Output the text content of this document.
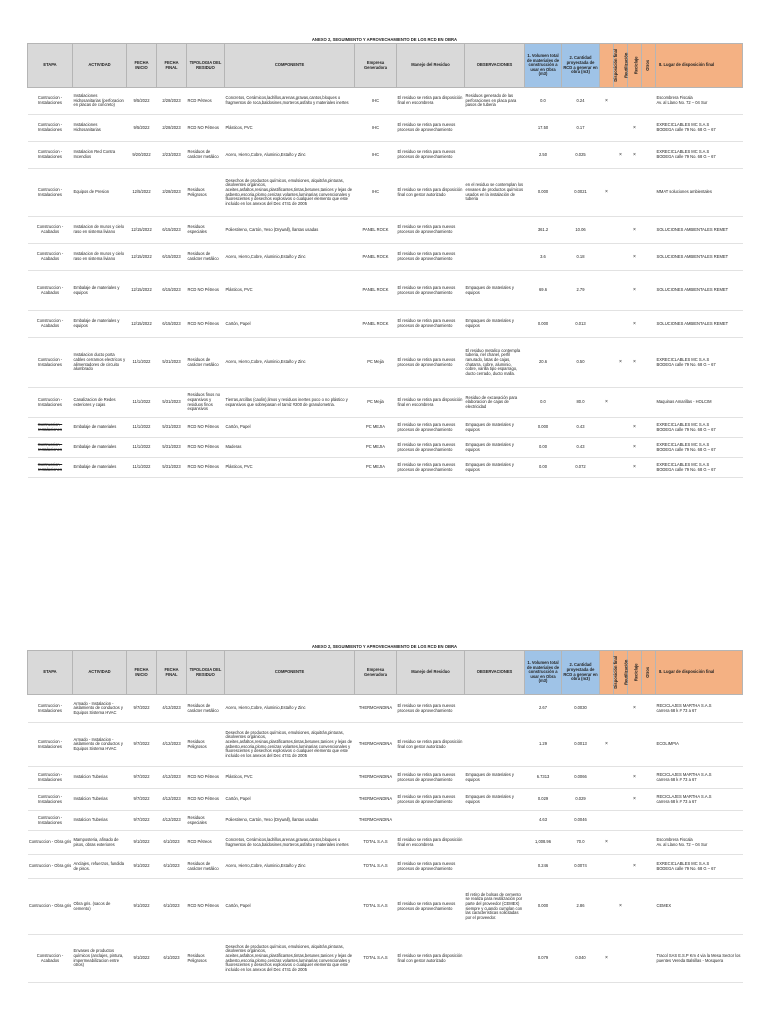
ANEXO 2, SEGUIMIENTO Y APROVECHAMIENTO DE LOS RCD EN OBRA
ETAPA	ACTIVIDAD	FECHA INICIO	FECHA FINAL	TIPOLOGIA DEL RESIDUO	COMPONENTE	Empresa Generadora	Manejo del Residuo	OBSERVACIONES	1. Volumen total de materiales de construcción a usar en Obra (m3)	2. Cantidad proyectada de RCD a generar en obra (m3)	Disposición final	Reutilización	Reciclaje	Otros	8. Lugar de disposición final
Contruccion - Instalaciones	Instalaciones Hidrosanitarias (perforacion en placas de concreto)	9/5/2022	2/28/2023	RCD Pétreos	Concretos, Cerámicos,ladrillos,arenas,gravas,cantos,bloques o fragmentos de roca,baldosines,morteros,asfalto y materiales inertes	IHC	El residuo se retira para disposición final en escombrera	Residuos generado de las perforaciones en placa para pasos de tuberia	0.0	0.24	×				Escombrera Fiscala
Av. al Llano No. 72 – 04 Sur
Contruccion - Instalaciones	Instalaciones Hidrosanitarias	9/5/2022	2/28/2023	RCD NO Pétreos	Plásticos, PVC	IHC	El residuo se retira para nuevos procesos de aprovechamiento		17.50	0.17			×		EXRECICLABLES MC S.A.S
BODEGA calle 79 No. 68 G – 67
Contruccion - Instalaciones	Instalacion Red Contra Incendios	9/20/2022	2/23/2023	Residuos de carácter metálico	Acero, Hierro,Cobre, Aluminio,Estaño y Zinc	IHC	El residuo se retira para nuevos procesos de aprovechamiento		2.50	0.025		×	×		EXRECICLABLES MC S.A.S
BODEGA calle 79 No. 68 G – 67
Contruccion - Instalaciones	Equipos de Presion	12/5/2022	2/28/2023	Residuos Peligrosos	Desechos de productos químicos, emulsiones, alquitrán,pinturas, disolventes orgánicos, aceites,asfaltos,resinas,plastificantes,tintas,betunes,tanices y lejas de asbesto,escoria,plomo,cenizas volantes,luminarias convencionales y fluorescentes y desechos explosivos o cualquier elemento que este incluido en los anexos del Dec 4741 de 2005	IHC	El residuo se retira para disposición final con gestor autorizado	en el residuo se contemplan los envases de productos químicos usados en la instalación de tuberia	0.000	0.0021	×				MMAT soluciones ambientales
Construccion - Acabados	Instalacion de muros y cielo raso en sistema liviano	12/15/2022	6/15/2023	Residuos especiales	Poliestireno, Cartón, Yeso (Drywall), llantas usadas	PANEL ROCK	El residuo se retira para nuevos procesos de aprovechamiento		361.2	10.06			×		SOLUCIONES AMBIENTALES REMET
Construccion - Acabados	Instalacion de muros y cielo raso en sistema liviano	12/15/2022	6/15/2023	Residuos de carácter metálico	Acero, Hierro,Cobre, Aluminio,Estaño y Zinc	PANEL ROCK	El residuo se retira para nuevos procesos de aprovechamiento		3.6	0.18			×		SOLUCIONES AMBIENTALES REMET
Construccion - Acabados	Embalaje de materiales y equipos	12/15/2022	6/15/2023	RCD NO Pétreos	Plásticos, PVC	PANEL ROCK	El residuo se retira para nuevos procesos de aprovechamiento	Empaques de materiales y equipos	69.6	2.79			×		SOLUCIONES AMBIENTALES REMET
Construccion - Acabados	Embalaje de materiales y equipos	12/15/2022	6/15/2023	RCD NO Pétreos	Cartón, Papel	PANEL ROCK	El residuo se retira para nuevos procesos de aprovechamiento	Empaques de materiales y equipos	0.000	0.013			×		SOLUCIONES AMBIENTALES REMET
Contruccion - Instalaciones	Instalacion ducto porta cables cerramos electricos y alimentadores de circuito alumbrado	11/1/2022	5/31/2023	Residuos de carácter metálico	Acero, Hierro,Cobre, Aluminio,Estaño y Zinc	PC Mejia	El residuo se retira para nuevos procesos de aprovechamiento	El residuo metalico contempla tuberia, riel chanel, perfil ranurado, latas de cajas, chatarra, cobre, aluminio, cobre, varilla tipo esparrago, ducto cerrado, ducto malla.	20.6	0.50		×	×		EXRECICLABLES MC S.A.S
BODEGA calle 79 No. 68 G – 67
Contruccion - Instalaciones	Canalizacion de Redes exteriores y cajas	11/1/2022	5/31/2023	Residuos finos no expansivos y residuos finos expansivos	Tierras,arcillas (caolin),limos y residuos inertes poco o no plástico y expansivos que sobrepasan el tamiz #200 de granulometria.	PC Mejia	El residuo se retira para disposición final en escombrera	Residuo de excavación para elaboracion de cajas de electricidad	0.0	80.0	×				Maquinas Amarillas - HOLCIM
Contruccion - Instalaciones	Embalaje de materiales	11/1/2022	5/31/2023	RCD NO Pétreos	Cartón, Papel	PC MEJIA	El residuo se retira para nuevos procesos de aprovechamiento	Empaques de materiales y equipos	0.000	0.43			×		EXRECICLABLES MC S.A.S
BODEGA calle 79 No. 68 G – 67
Contruccion - Instalaciones	Embalaje de materiales	11/1/2022	5/31/2023	RCD NO Pétreos	Maderas	PC MEJIA	El residuo se retira para nuevos procesos de aprovechamiento	Empaques de materiales y equipos	0.00	0.43			×		EXRECICLABLES MC S.A.S
BODEGA calle 79 No. 68 G – 67
Contruccion - Instalaciones	Embalaje de materiales	11/1/2022	5/31/2023	RCD NO Pétreos	Plásticos, PVC	PC MEJIA	El residuo se retira para nuevos procesos de aprovechamiento	Empaques de materiales y equipos	0.00	0.072			×		EXRECICLABLES MC S.A.S
BODEGA calle 79 No. 68 G – 67
ANEXO 2, SEGUIMIENTO Y APROVECHAMIENTO DE LOS RCD EN OBRA
ETAPA	ACTIVIDAD	FECHA INICIO	FECHA FINAL	TIPOLOGIA DEL RESIDUO	COMPONENTE	Empresa Generadora	Manejo del Residuo	OBSERVACIONES	1. Volumen total de materiales de construcción a usar en Obra (m3)	2. Cantidad proyectada de RCD a generar en obra (m3)	Disposición final	Reutilización	Reciclaje	Otros	8. Lugar de disposición final
Contruccion - Instalaciones	Armado - Instalacion - aislamiento de conductos y Equipos Sistema HVAC	9/7/2022	4/12/2023	Residuos de carácter metálico	Acero, Hierro,Cobre, Aluminio,Estaño y Zinc	THERMOANDINA	El residuo se retira para nuevos procesos de aprovechamiento		2.67	0.0030			×		RECICLAJES MARTHA S.A.S
carrera 68 k # 73 a 67
Contruccion - Instalaciones	Armado - Instalacion - aislamiento de conductos y Equipos Sistema HVAC	9/7/2022	4/12/2023	Residuos Peligrosos	Desechos de productos químicos, emulsiones, alquitrán,pinturas, disolventes orgánicos, aceites,asfaltos,resinas,plastificantes,tintas,betunes,tanices y lejas de asbesto,escoria,plomo,cenizas volantes,luminarias convencionales y fluorescentes y desechos explosivos o cualquier elemento que este incluido en los anexos del Dec 4741 de 2005	THERMOANDINA	El residuo se retira para disposición final con gestor autorizado		1.29	0.0013	×				ECOLIMPIA
Contruccion - Instalaciones	Instalcion Tuberias	9/7/2022	4/12/2023	RCD NO Pétreos	Plásticos, PVC	THERMOANDINA	El residuo se retira para nuevos procesos de aprovechamiento	Empaques de materiales y equipos	6.7313	0.0066			×		RECICLAJES MARTHA S.A.S
carrera 68 k # 73 a 67
Contruccion - Instalaciones	Instalcion Tuberias	9/7/2022	4/12/2023	RCD NO Pétreos	Cartón, Papel	THERMOANDINA	El residuo se retira para nuevos procesos de aprovechamiento	Empaques de materiales y equipos	0.029	0.029			×		RECICLAJES MARTHA S.A.S
carrera 68 k # 73 a 67
Contruccion - Instalaciones	Instalcion Tuberias	9/7/2022	4/12/2023	Residuos especiales	Poliestireno, Cartón, Yeso (Drywall), llantas usadas	THERMOANDINA			4.63	0.0046					
Contruccion - Obra gris	Mamposteria, afinado de pisos, obras exteriores	9/1/2022	6/1/2023	RCD Pétreos	Concretos, Cerámicos,ladrillos,arenas,gravas,cantos,bloques o fragmentos de roca,baldosines,morteros,asfalto y materiales inertes	TOTAL S.A.S	El residuo se retira para disposición final en escombrera		1,008.96	70.0	×				Escombrera Fiscala
Av. al Llano No. 72 – 04 Sur
Contruccion - Obra gris	Anclajes, refuerzos, fundida de pisos.	9/1/2022	6/1/2023	Residuos de carácter metálico	Acero, Hierro,Cobre, Aluminio,Estaño y Zinc	TOTAL S.A.S	El residuo se retira para nuevos procesos de aprovechamiento		0.246	0.0074			×		EXRECICLABLES MC S.A.S
BODEGA calle 79 No. 68 G – 67
Contruccion - Obra gris	Obra gris. (sacos de cemento)	9/1/2022	6/1/2023	RCD NO Pétreos	Cartón, Papel	TOTAL S.A.S	El residuo se retira para nuevos procesos de aprovechamiento	El retiro de bolsas de cemento se realiza para reutilización por parte del proveedor (CEMEX) siempre y cuando cumplan con las características solicitadas por el proveedor.	0.000	2.86		×			CEMEX
Construccion - Acabados	Envases de productos químicos (anclajes, pintura, impermeabilizacion entre otros)	9/1/2022	6/1/2023	Residuos Peligrosos	Desechos de productos químicos, emulsiones, alquitrán,pinturas, disolventes orgánicos, aceites,asfaltos,resinas,plastificantes,tintas,betunes,tanices y lejas de asbesto,escoria,plomo,cenizas volantes,luminarias convencionales y fluorescentes y desechos explosivos o cualquier elemento que este incluido en los anexos del Dec 4741 de 2005	TOTAL S.A.S	El residuo se retira para disposición final con gestor autorizado		0.079	0.040	×				Tracol SAS E.S.P Km 4 via la Mesa Sector los puentes Vereda Balsillas - Mosquera
